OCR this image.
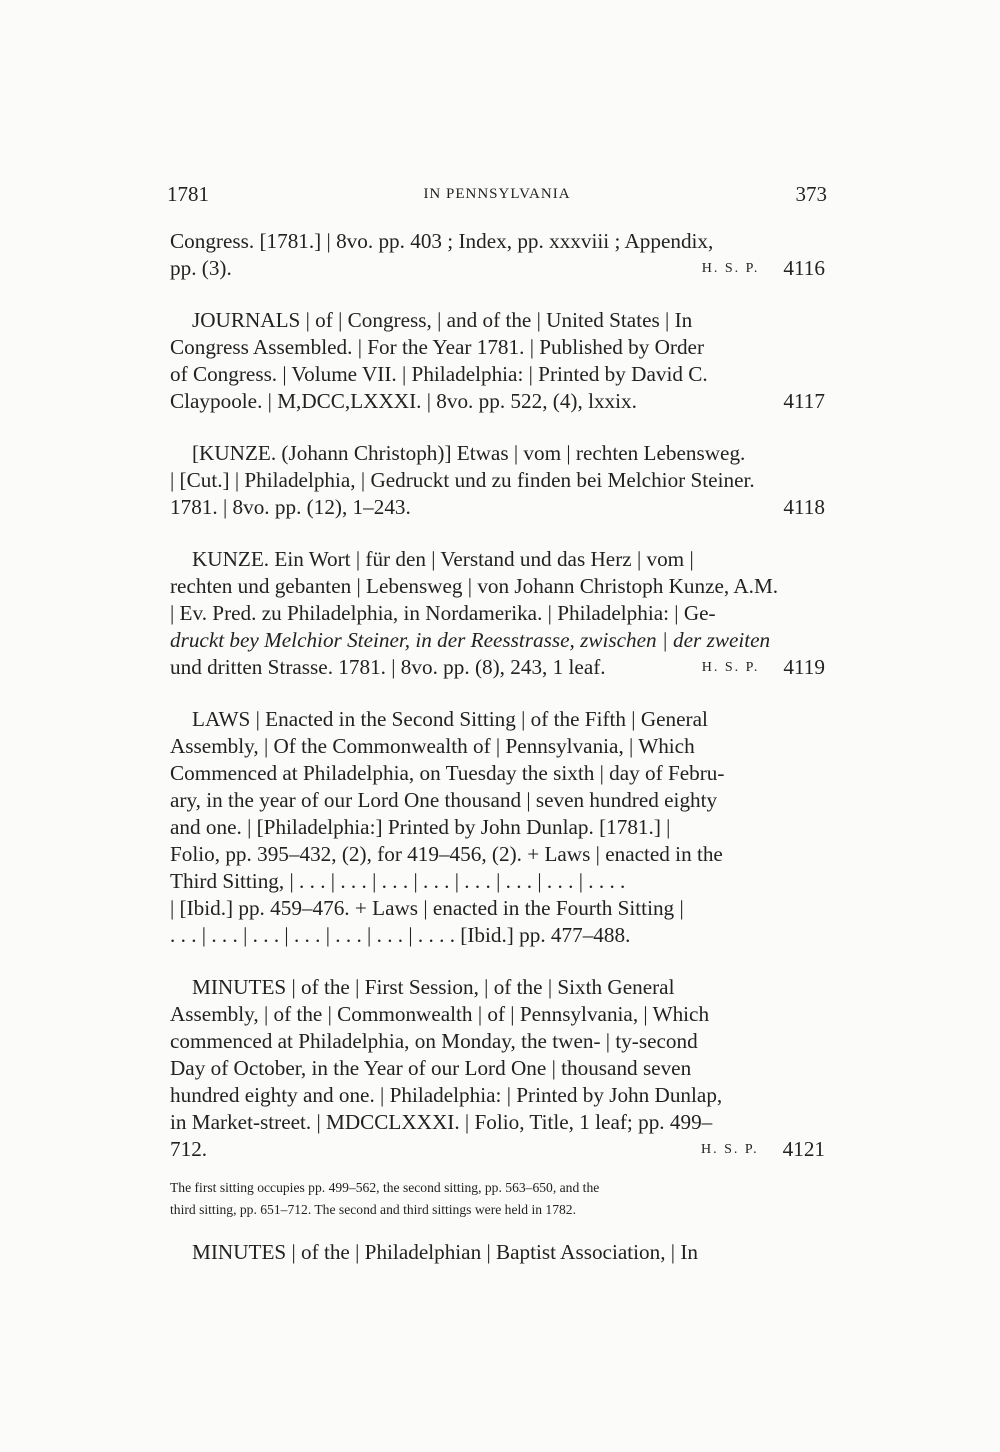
1781	IN PENNSYLVANIA	373
Congress. [1781.] | 8vo. pp. 403 ; Index, pp. xxxviii ; Appendix,
pp. (3).	H. S. P. 4116
JOURNALS | of | Congress, | and of the | United States | In
Congress Assembled. | For the Year 1781. | Published by Order
of Congress. | Volume VII. | Philadelphia: | Printed by David C.
Claypoole. | M,DCC,LXXXI. | 8vo. pp. 522, (4), lxxix.	4117
[KUNZE. (Johann Christoph)] Etwas | vom | rechten Lebensweg.
| [Cut.] | Philadelphia, | Gedruckt und zu finden bei Melchior Steiner.
1781. | 8vo. pp. (12), 1–243.	4118
KUNZE. Ein Wort | für den | Verstand und das Herz | vom |
rechten und gebanten | Lebensweg | von Johann Christoph Kunze, A.M.
| Ev. Pred. zu Philadelphia, in Nordamerika. | Philadelphia: | Ge-
druckt bey Melchior Steiner, in der Reesstrasse, zwischen | der zweiten
und dritten Strasse. 1781. | 8vo. pp. (8), 243, 1 leaf.	H. S. P. 4119
LAWS | Enacted in the Second Sitting | of the Fifth | General
Assembly, | Of the Commonwealth of | Pennsylvania, | Which
Commenced at Philadelphia, on Tuesday the sixth | day of Febru-
ary, in the year of our Lord One thousand | seven hundred eighty
and one. | [Philadelphia:] Printed by John Dunlap. [1781.] |
Folio, pp. 395–432, (2), for 419–456, (2). + Laws | enacted in the
Third Sitting, | . . . | . . . | . . . | . . . | . . . | . . . | . . . | . . . .
| [Ibid.] pp. 459–476. + Laws | enacted in the Fourth Sitting |
. . . | . . . | . . . | . . . | . . . | . . . | . . . . [Ibid.] pp. 477–488.
MINUTES | of the | First Session, | of the | Sixth General
Assembly, | of the | Commonwealth | of | Pennsylvania, | Which
commenced at Philadelphia, on Monday, the twen- | ty-second
Day of October, in the Year of our Lord One | thousand seven
hundred eighty and one. | Philadelphia: | Printed by John Dunlap,
in Market-street. | MDCCLXXXI. | Folio, Title, 1 leaf; pp. 499–
712.	H. S. P. 4121
The first sitting occupies pp. 499–562, the second sitting, pp. 563–650, and the
third sitting, pp. 651–712. The second and third sittings were held in 1782.
MINUTES | of the | Philadelphian | Baptist Association, | In
